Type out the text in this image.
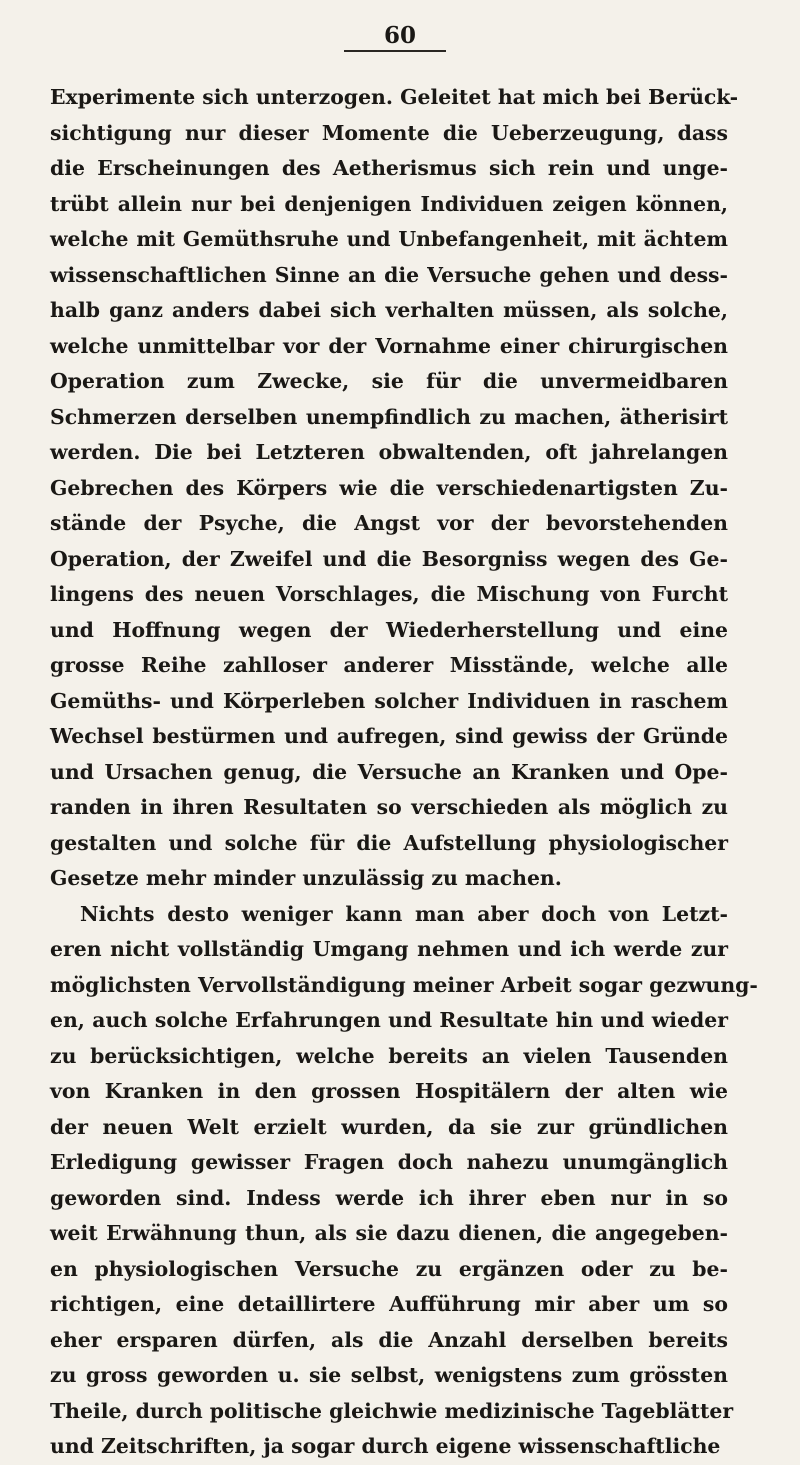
60

Experimente sich unterzogen. Geleitet hat mich bei Berück-
sichtigung nur dieser Momente die Ueberzeugung, dass
die Erscheinungen des Aetherismus sich rein und unge-
trübt allein nur bei denjenigen Individuen zeigen können,
welche mit Gemüthsruhe und Unbefangenheit, mit ächtem
wissenschaftlichen Sinne an die Versuche gehen und dess-
halb ganz anders dabei sich verhalten müssen, als solche,
welche unmittelbar vor der Vornahme einer chirurgischen
Operation zum Zwecke, sie für die unvermeidbaren
Schmerzen derselben unempfindlich zu machen, ätherisirt
werden. Die bei Letzteren obwaltenden, oft jahrelangen
Gebrechen des Körpers wie die verschiedenartigsten Zu-
stände der Psyche, die Angst vor der bevorstehenden
Operation, der Zweifel und die Besorgniss wegen des Ge-
lingens des neuen Vorschlages, die Mischung von Furcht
und Hoffnung wegen der Wiederherstellung und eine
grosse Reihe zahlloser anderer Misstände, welche alle
Gemüths- und Körperleben solcher Individuen in raschem
Wechsel bestürmen und aufregen, sind gewiss der Gründe
und Ursachen genug, die Versuche an Kranken und Ope-
randen in ihren Resultaten so verschieden als möglich zu
gestalten und solche für die Aufstellung physiologischer
Gesetze mehr minder unzulässig zu machen.

Nichts desto weniger kann man aber doch von Letzt-
eren nicht vollständig Umgang nehmen und ich werde zur
möglichsten Vervollständigung meiner Arbeit sogar gezwung-
en, auch solche Erfahrungen und Resultate hin und wieder
zu berücksichtigen, welche bereits an vielen Tausenden
von Kranken in den grossen Hospitälern der alten wie
der neuen Welt erzielt wurden, da sie zur gründlichen
Erledigung gewisser Fragen doch nahezu unumgänglich
geworden sind. Indess werde ich ihrer eben nur in so
weit Erwähnung thun, als sie dazu dienen, die angegeben-
en physiologischen Versuche zu ergänzen oder zu be-
richtigen, eine detaillirtere Aufführung mir aber um so
eher ersparen dürfen, als die Anzahl derselben bereits
zu gross geworden u. sie selbst, wenigstens zum grössten
Theile, durch politische gleichwie medizinische Tageblätter
und Zeitschriften, ja sogar durch eigene wissenschaftliche
